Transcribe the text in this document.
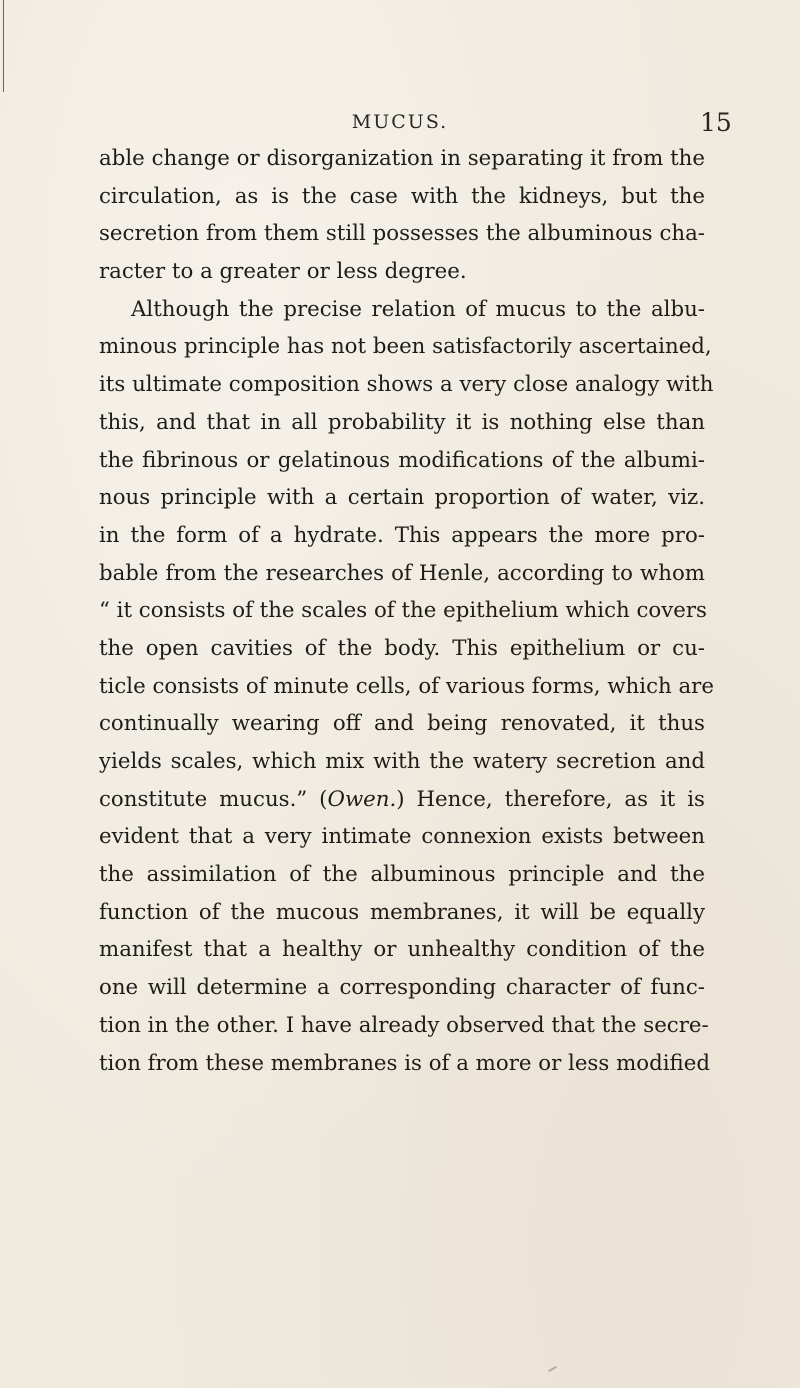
MUCUS.	15
able change or disorganization in separating it from the
circulation, as is the case with the kidneys, but the
secretion from them still possesses the albuminous cha-
racter to a greater or less degree.
Although the precise relation of mucus to the albu-
minous principle has not been satisfactorily ascertained,
its ultimate composition shows a very close analogy with
this, and that in all probability it is nothing else than
the fibrinous or gelatinous modifications of the albumi-
nous principle with a certain proportion of water, viz.
in the form of a hydrate. This appears the more pro-
bable from the researches of Henle, according to whom
“ it consists of the scales of the epithelium which covers
the open cavities of the body. This epithelium or cu-
ticle consists of minute cells, of various forms, which are
continually wearing off and being renovated, it thus
yields scales, which mix with the watery secretion and
constitute mucus.” (Owen.) Hence, therefore, as it is
evident that a very intimate connexion exists between
the assimilation of the albuminous principle and the
function of the mucous membranes, it will be equally
manifest that a healthy or unhealthy condition of the
one will determine a corresponding character of func-
tion in the other. I have already observed that the secre-
tion from these membranes is of a more or less modified
